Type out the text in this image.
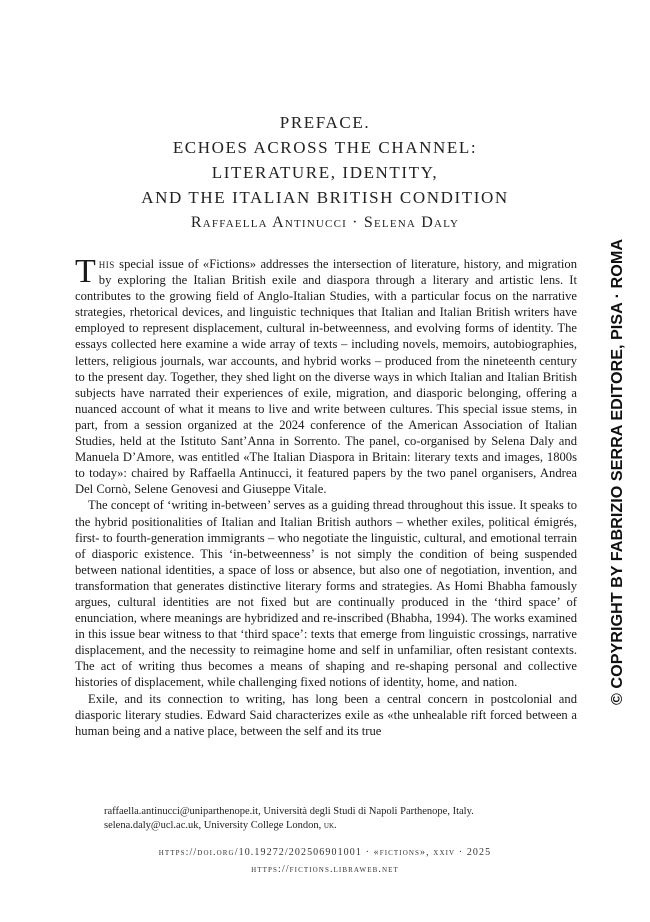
PREFACE.
ECHOES ACROSS THE CHANNEL:
LITERATURE, IDENTITY,
AND THE ITALIAN BRITISH CONDITION
Raffaella Antinucci · Selena Daly

This special issue of «Fictions» addresses the intersection of literature, history, and migration by exploring the Italian British exile and diaspora through a literary and artistic lens. It contributes to the growing field of Anglo-Italian Studies, with a particular focus on the narrative strategies, rhetorical devices, and linguistic techniques that Italian and Italian British writers have employed to represent displacement, cultural in-betweenness, and evolving forms of identity. The essays collected here examine a wide array of texts – including novels, memoirs, autobiographies, letters, religious journals, war accounts, and hybrid works – produced from the nineteenth century to the present day. Together, they shed light on the diverse ways in which Italian and Italian British subjects have narrated their experiences of exile, migration, and diasporic belonging, offering a nuanced account of what it means to live and write between cultures. This special issue stems, in part, from a session organized at the 2024 conference of the American Association of Italian Studies, held at the Istituto Sant’Anna in Sorrento. The panel, co-organised by Selena Daly and Manuela D’Amore, was entitled «The Italian Diaspora in Britain: literary texts and images, 1800s to today»: chaired by Raffaella Antinucci, it featured papers by the two panel organisers, Andrea Del Cornò, Selene Genovesi and Giuseppe Vitale.

The concept of ‘writing in-between’ serves as a guiding thread throughout this issue. It speaks to the hybrid positionalities of Italian and Italian British authors – whether exiles, political émigrés, first- to fourth-generation immigrants – who negotiate the linguistic, cultural, and emotional terrain of diasporic existence. This ‘in-betweenness’ is not simply the condition of being suspended between national identities, a space of loss or absence, but also one of negotiation, invention, and transformation that generates distinctive literary forms and strategies. As Homi Bhabha famously argues, cultural identities are not fixed but are continually produced in the ‘third space’ of enunciation, where meanings are hybridized and re-inscribed (Bhabha, 1994). The works examined in this issue bear witness to that ‘third space’: texts that emerge from linguistic crossings, narrative displacement, and the necessity to reimagine home and self in unfamiliar, often resistant contexts. The act of writing thus becomes a means of shaping and re-shaping personal and collective histories of displacement, while challenging fixed notions of identity, home, and nation.

Exile, and its connection to writing, has long been a central concern in postcolonial and diasporic literary studies. Edward Said characterizes exile as «the unhealable rift forced between a human being and a native place, between the self and its true

raffaella.antinucci@uniparthenope.it, Università degli Studi di Napoli Parthenope, Italy.
selena.daly@ucl.ac.uk, University College London, uk.
https://doi.org/10.19272/202506901001 · «fictions», xxiv · 2025
https://fictions.libraweb.net
© COPYRIGHT BY FABRIZIO SERRA EDITORE, PISA · ROMA
